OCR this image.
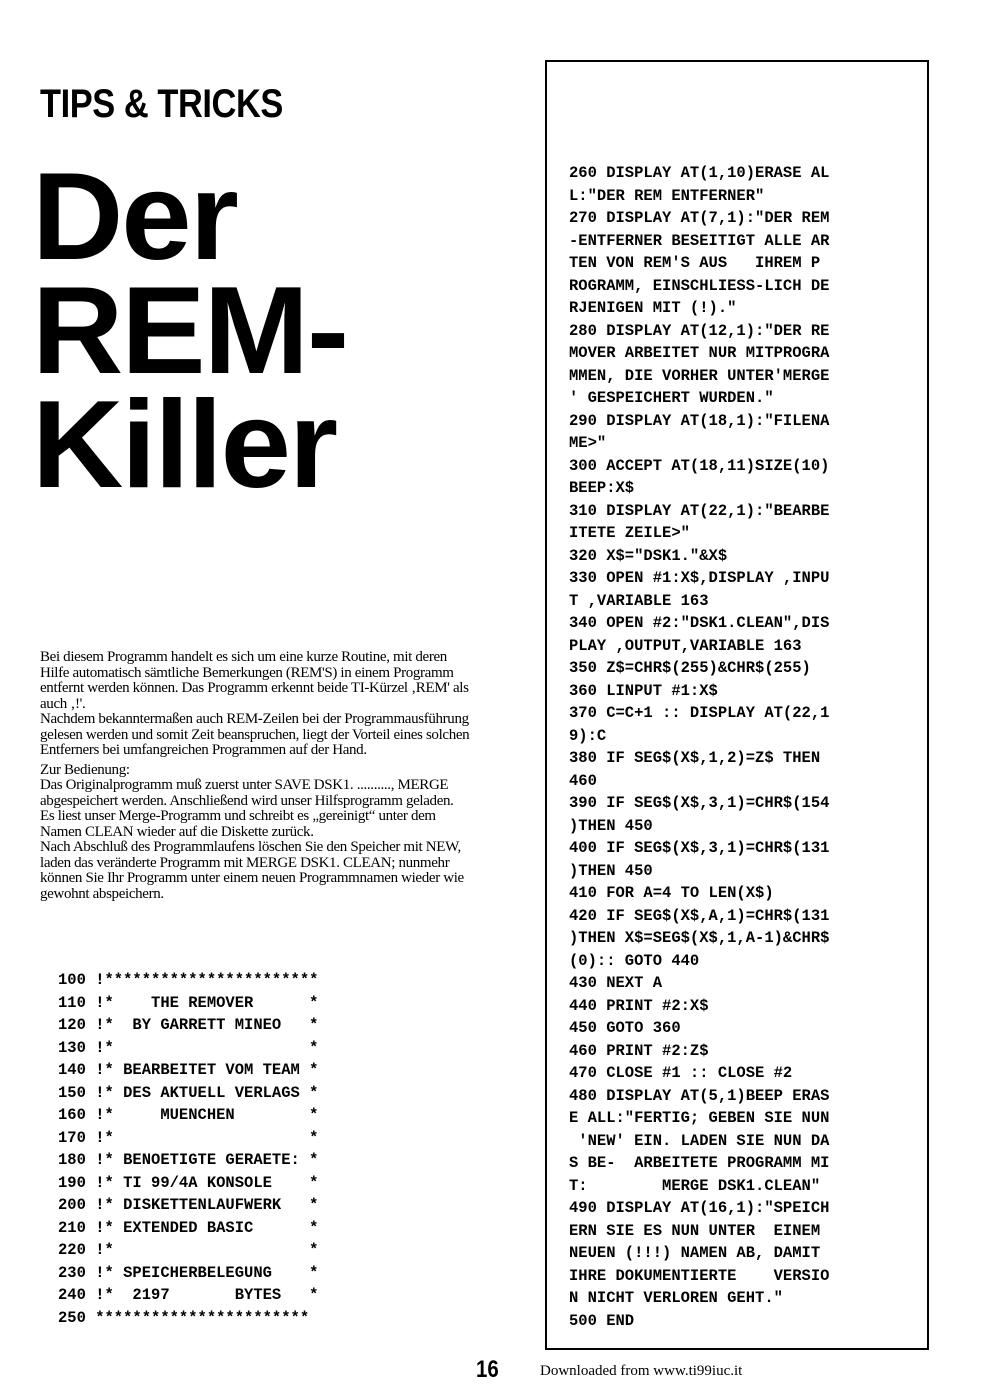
TIPS & TRICKS
Der
REM-
Killer

Bei diesem Programm handelt es sich um eine kurze Routine, mit deren Hilfe automatisch sämtliche Bemerkungen (REM'S) in einem Programm entfernt werden können. Das Programm erkennt beide TI-Kürzel ‚REM' als auch ‚!'.
Nachdem bekanntermaßen auch REM-Zeilen bei der Programmausführung gelesen werden und somit Zeit beanspruchen, liegt der Vorteil eines solchen Entferners bei umfangreichen Programmen auf der Hand.

Zur Bedienung:
Das Originalprogramm muß zuerst unter SAVE DSK1. .........., MERGE abgespeichert werden. Anschließend wird unser Hilfsprogramm geladen. Es liest unser Merge-Programm und schreibt es „gereinigt“ unter dem Namen CLEAN wieder auf die Diskette zurück.
Nach Abschluß des Programmlaufens löschen Sie den Speicher mit NEW, laden das veränderte Programm mit MERGE DSK1. CLEAN; nunmehr können Sie Ihr Programm unter einem neuen Programmnamen wieder wie gewohnt abspeichern.

100 !***********************
110 !*    THE REMOVER      *
120 !*  BY GARRETT MINEO   *
130 !*                     *
140 !* BEARBEITET VOM TEAM *
150 !* DES AKTUELL VERLAGS *
160 !*     MUENCHEN        *
170 !*                     *
180 !* BENOETIGTE GERAETE: *
190 !* TI 99/4A KONSOLE    *
200 !* DISKETTENLAUFWERK   *
210 !* EXTENDED BASIC      *
220 !*                     *
230 !* SPEICHERBELEGUNG    *
240 !*  2197       BYTES   *
250 ***********************
260 DISPLAY AT(1,10)ERASE AL
L:"DER REM ENTFERNER"
270 DISPLAY AT(7,1):"DER REM
-ENTFERNER BESEITIGT ALLE AR
TEN VON REM'S AUS   IHREM P
ROGRAMM, EINSCHLIESS-LICH DE
RJENIGEN MIT (!)."
280 DISPLAY AT(12,1):"DER RE
MOVER ARBEITET NUR MITPROGRA
MMEN, DIE VORHER UNTER'MERGE
' GESPEICHERT WURDEN."
290 DISPLAY AT(18,1):"FILENA
ME>"
300 ACCEPT AT(18,11)SIZE(10)
BEEP:X$
310 DISPLAY AT(22,1):"BEARBE
ITETE ZEILE>"
320 X$="DSK1."&X$
330 OPEN #1:X$,DISPLAY ,INPU
T ,VARIABLE 163
340 OPEN #2:"DSK1.CLEAN",DIS
PLAY ,OUTPUT,VARIABLE 163
350 Z$=CHR$(255)&CHR$(255)
360 LINPUT #1:X$
370 C=C+1 :: DISPLAY AT(22,1
9):C
380 IF SEG$(X$,1,2)=Z$ THEN
460
390 IF SEG$(X$,3,1)=CHR$(154
)THEN 450
400 IF SEG$(X$,3,1)=CHR$(131
)THEN 450
410 FOR A=4 TO LEN(X$)
420 IF SEG$(X$,A,1)=CHR$(131
)THEN X$=SEG$(X$,1,A-1)&CHR$
(0):: GOTO 440
430 NEXT A
440 PRINT #2:X$
450 GOTO 360
460 PRINT #2:Z$
470 CLOSE #1 :: CLOSE #2
480 DISPLAY AT(5,1)BEEP ERAS
E ALL:"FERTIG; GEBEN SIE NUN
'NEW' EIN. LADEN SIE NUN DA
S BE-  ARBEITETE PROGRAMM MI
T:        MERGE DSK1.CLEAN"
490 DISPLAY AT(16,1):"SPEICH
ERN SIE ES NUN UNTER  EINEM
NEUEN (!!!) NAMEN AB, DAMIT
IHRE DOKUMENTIERTE    VERSIO
N NICHT VERLOREN GEHT."
500 END
16	Downloaded from www.ti99iuc.it
